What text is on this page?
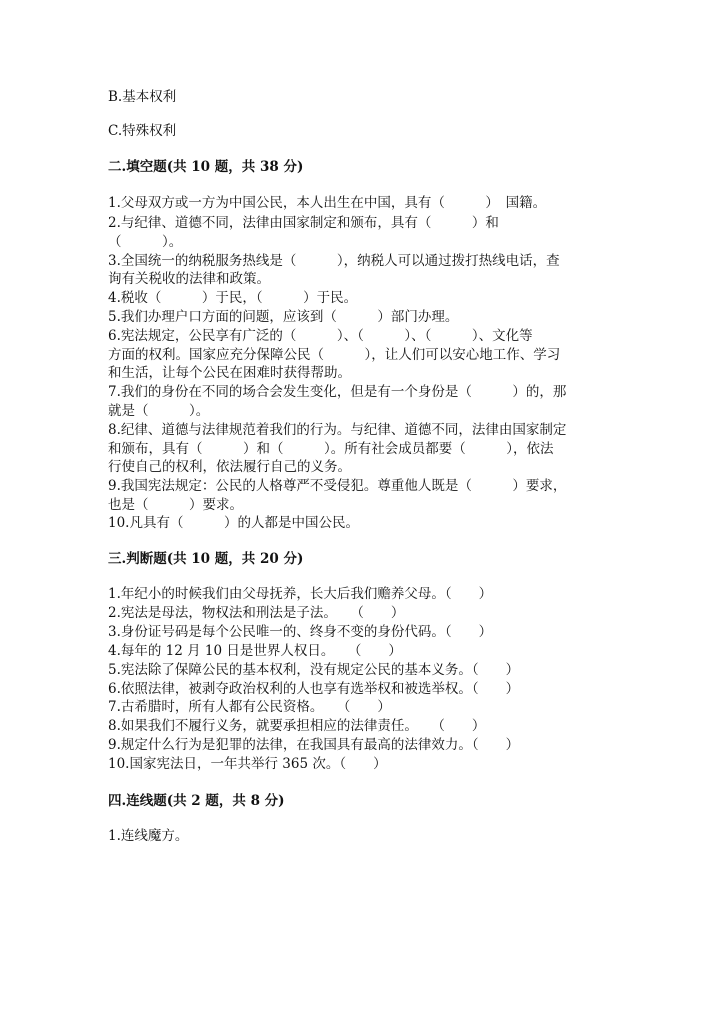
B.基本权利
C.特殊权利
二.填空题(共 10 题，共 38 分)
1.父母双方或一方为中国公民，本人出生在中国，具有（　　　）　国籍。
2.与纪律、道德不同，法律由国家制定和颁布，具有（　　　）和
（　　　）。
3.全国统一的纳税服务热线是（　　　），纳税人可以通过拨打热线电话，查
询有关税收的法律和政策。
4.税收（　　　）于民，（　　　）于民。
5.我们办理户口方面的问题，应该到（　　　）部门办理。
6.宪法规定，公民享有广泛的（　　　）、（　　　）、（　　　）、文化等
方面的权利。国家应充分保障公民（　　　），让人们可以安心地工作、学习
和生活，让每个公民在困难时获得帮助。
7.我们的身份在不同的场合会发生变化，但是有一个身份是（　　　）的，那
就是（　　　）。
8.纪律、道德与法律规范着我们的行为。与纪律、道德不同，法律由国家制定
和颁布，具有（　　　）和（　　　）。所有社会成员都要（　　　），依法
行使自己的权利，依法履行自己的义务。
9.我国宪法规定：公民的人格尊严不受侵犯。尊重他人既是（　　　）要求，
也是（　　　）要求。
10.凡具有（　　　）的人都是中国公民。
三.判断题(共 10 题，共 20 分)
1.年纪小的时候我们由父母抚养，长大后我们赡养父母。（　　）
2.宪法是母法，物权法和刑法是子法。　　（　　）
3.身份证号码是每个公民唯一的、终身不变的身份代码。（　　）
4.每年的 12 月 10 日是世界人权日。　　（　　）
5.宪法除了保障公民的基本权利，没有规定公民的基本义务。（　　）
6.依照法律，被剥夺政治权利的人也享有选举权和被选举权。（　　）
7.古希腊时，所有人都有公民资格。　　（　　）
8.如果我们不履行义务，就要承担相应的法律责任。　　（　　）
9.规定什么行为是犯罪的法律，在我国具有最高的法律效力。（　　）
10.国家宪法日，一年共举行 365 次。（　　）
四.连线题(共 2 题，共 8 分)
1.连线魔方。
